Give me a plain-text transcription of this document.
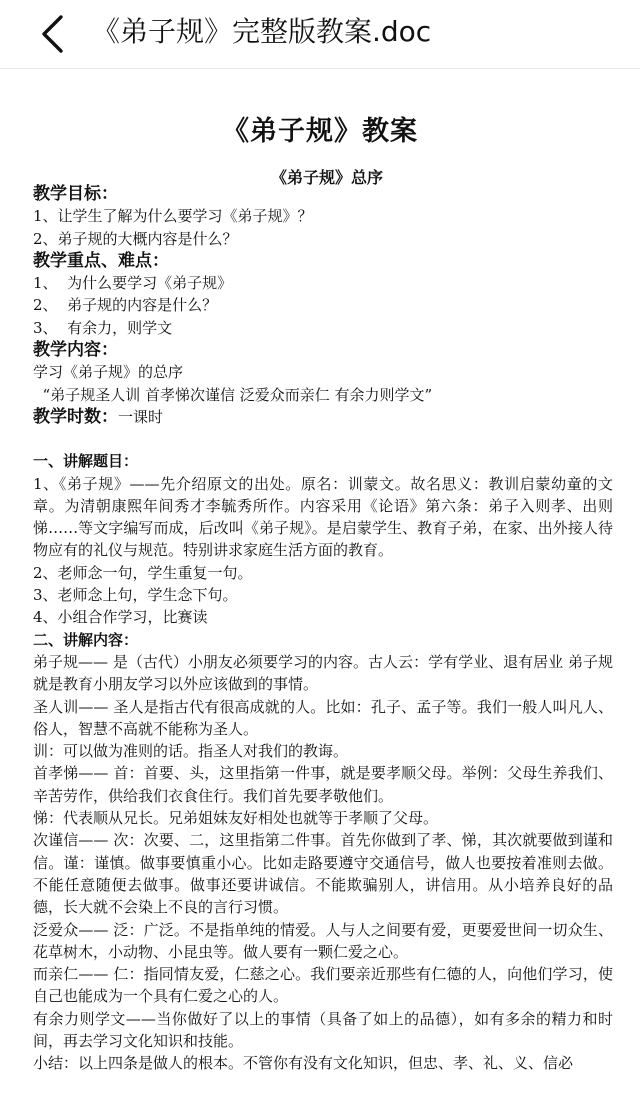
《弟子规》完整版教案.doc
《弟子规》教案
《弟子规》总序
教学目标：
1、让学生了解为什么要学习《弟子规》？
2、弟子规的大概内容是什么？
教学重点、难点：
1、  为什么要学习《弟子规》
2、  弟子规的内容是什么？
3、  有余力，则学文
教学内容：
学习《弟子规》的总序
“弟子规圣人训 首孝悌次谨信 泛爱众而亲仁 有余力则学文”
教学时数：一课时
一、讲解题目：

1、《弟子规》——先介绍原文的出处。原名：训蒙文。故名思义：教训启蒙幼童的文章。为清朝康熙年间秀才李毓秀所作。内容采用《论语》第六条：弟子入则孝、出则悌……等文字编写而成，后改叫《弟子规》。是启蒙学生、教育子弟，在家、出外接人待物应有的礼仪与规范。特别讲求家庭生活方面的教育。

2、老师念一句，学生重复一句。
3、老师念上句，学生念下句。
4、小组合作学习，比赛读
二、讲解内容：

弟子规—— 是（古代）小朋友必须要学习的内容。古人云：学有学业、退有居业 弟子规就是教育小朋友学习以外应该做到的事情。

圣人训—— 圣人是指古代有很高成就的人。比如：孔子、孟子等。我们一般人叫凡人、俗人，智慧不高就不能称为圣人。

训：可以做为准则的话。指圣人对我们的教诲。

首孝悌—— 首：首要、头，这里指第一件事，就是要孝顺父母。举例：父母生养我们、辛苦劳作，供给我们衣食住行。我们首先要孝敬他们。

悌：代表顺从兄长。兄弟姐妹友好相处也就等于孝顺了父母。

次谨信—— 次：次要、二，这里指第二件事。首先你做到了孝、悌，其次就要做到谨和信。谨：谨慎。做事要慎重小心。比如走路要遵守交通信号，做人也要按着准则去做。不能任意随便去做事。做事还要讲诚信。不能欺骗别人，讲信用。从小培养良好的品德，长大就不会染上不良的言行习惯。

泛爱众—— 泛：广泛。不是指单纯的情爱。人与人之间要有爱，更要爱世间一切众生、花草树木，小动物、小昆虫等。做人要有一颗仁爱之心。

而亲仁—— 仁：指同情友爱，仁慈之心。我们要亲近那些有仁德的人，向他们学习，使自己也能成为一个具有仁爱之心的人。

有余力则学文——当你做好了以上的事情（具备了如上的品德），如有多余的精力和时间，再去学习文化知识和技能。

小结：以上四条是做人的根本。不管你有没有文化知识，但忠、孝、礼、义、信必
